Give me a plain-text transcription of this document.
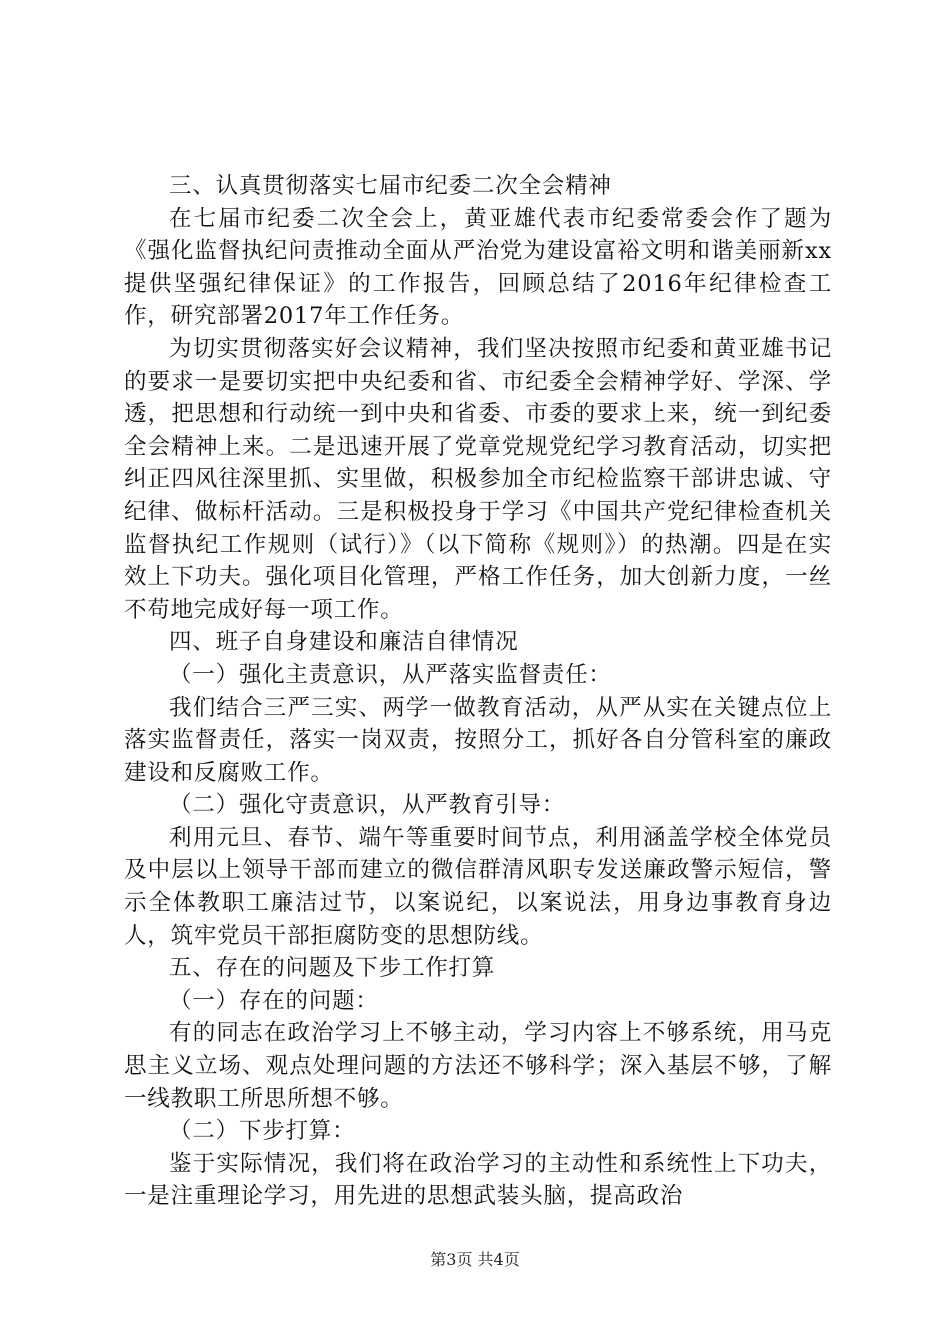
三、认真贯彻落实七届市纪委二次全会精神

在七届市纪委二次全会上，黄亚雄代表市纪委常委会作了题为《强化监督执纪问责推动全面从严治党为建设富裕文明和谐美丽新xx提供坚强纪律保证》的工作报告，回顾总结了2016年纪律检查工作，研究部署2017年工作任务。

为切实贯彻落实好会议精神，我们坚决按照市纪委和黄亚雄书记的要求一是要切实把中央纪委和省、市纪委全会精神学好、学深、学透，把思想和行动统一到中央和省委、市委的要求上来，统一到纪委全会精神上来。二是迅速开展了党章党规党纪学习教育活动，切实把纠正四风往深里抓、实里做，积极参加全市纪检监察干部讲忠诚、守纪律、做标杆活动。三是积极投身于学习《中国共产党纪律检查机关监督执纪工作规则（试行）》（以下简称《规则》）的热潮。四是在实效上下功夫。强化项目化管理，严格工作任务，加大创新力度，一丝不苟地完成好每一项工作。

四、班子自身建设和廉洁自律情况

（一）强化主责意识，从严落实监督责任：

我们结合三严三实、两学一做教育活动，从严从实在关键点位上落实监督责任，落实一岗双责，按照分工，抓好各自分管科室的廉政建设和反腐败工作。

（二）强化守责意识，从严教育引导：

利用元旦、春节、端午等重要时间节点，利用涵盖学校全体党员及中层以上领导干部而建立的微信群清风职专发送廉政警示短信，警示全体教职工廉洁过节，以案说纪，以案说法，用身边事教育身边人，筑牢党员干部拒腐防变的思想防线。

五、存在的问题及下步工作打算

（一）存在的问题：

有的同志在政治学习上不够主动，学习内容上不够系统，用马克思主义立场、观点处理问题的方法还不够科学；深入基层不够，了解一线教职工所思所想不够。

（二）下步打算：

鉴于实际情况，我们将在政治学习的主动性和系统性上下功夫，一是注重理论学习，用先进的思想武装头脑，提高政治

第3页 共4页
